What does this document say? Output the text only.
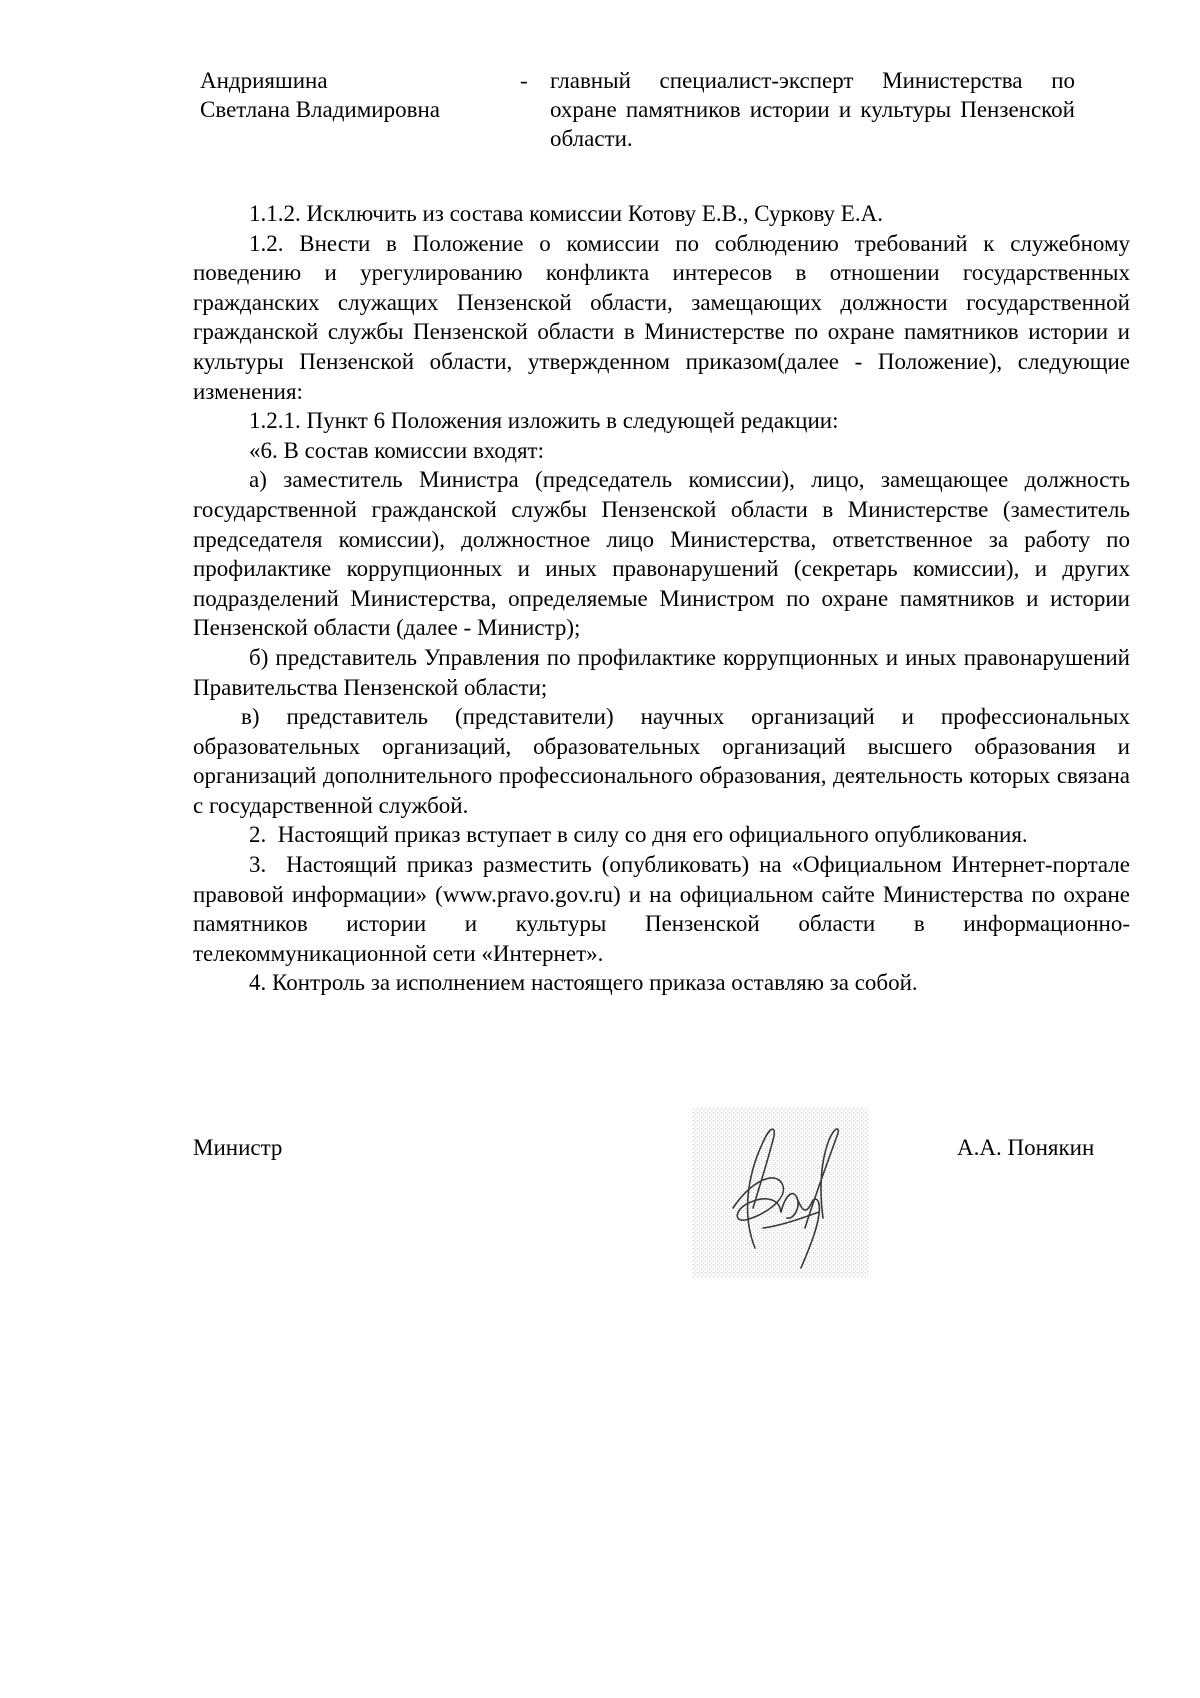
Андрияшина
Светлана Владимировна
- главный специалист-эксперт Министерства по охране памятников истории и культуры Пензенской области.

1.1.2. Исключить из состава комиссии Котову Е.В., Суркову Е.А.

1.2. Внести в Положение о комиссии по соблюдению требований к служебному поведению и урегулированию конфликта интересов в отношении государственных гражданских служащих Пензенской области, замещающих должности государственной гражданской службы Пензенской области в Министерстве по охране памятников истории и культуры Пензенской области, утвержденном приказом(далее - Положение), следующие изменения:

1.2.1. Пункт 6 Положения изложить в следующей редакции:

«6. В состав комиссии входят:

а) заместитель Министра (председатель комиссии), лицо, замещающее должность государственной гражданской службы Пензенской области в Министерстве (заместитель председателя комиссии), должностное лицо Министерства, ответственное за работу по профилактике коррупционных и иных правонарушений (секретарь комиссии), и других подразделений Министерства, определяемые Министром по охране памятников и истории Пензенской области (далее - Министр);

б) представитель Управления по профилактике коррупционных и иных правонарушений Правительства Пензенской области;

в) представитель (представители) научных организаций и профессиональных образовательных организаций, образовательных организаций высшего образования и организаций дополнительного профессионального образования, деятельность которых связана с государственной службой.

2.  Настоящий приказ вступает в силу со дня его официального опубликования.

3.  Настоящий приказ разместить (опубликовать) на «Официальном Интернет-портале правовой информации» (www.pravo.gov.ru) и на официальном сайте Министерства по охране памятников истории и культуры Пензенской области в информационно-телекоммуникационной сети «Интернет».

4. Контроль за исполнением настоящего приказа оставляю за собой.

Министр	А.А. Понякин
